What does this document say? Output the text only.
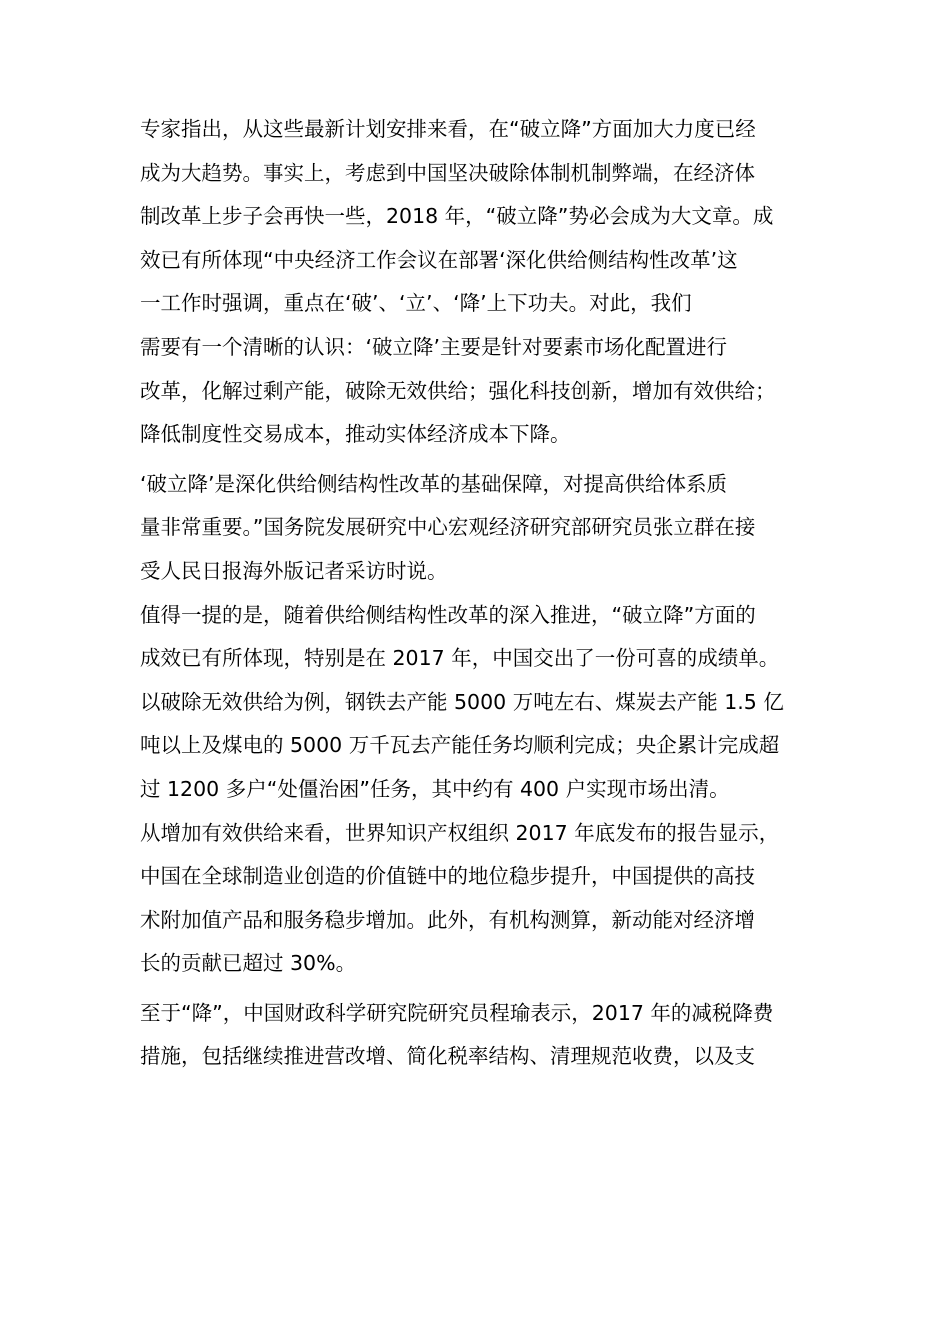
专家指出，从这些最新计划安排来看，在“破立降”方面加大力度已经
成为大趋势。事实上，考虑到中国坚决破除体制机制弊端，在经济体
制改革上步子会再快一些，2018 年，“破立降”势必会成为大文章。成
效已有所体现“中央经济工作会议在部署‘深化供给侧结构性改革’这
一工作时强调，重点在‘破’、‘立’、‘降’上下功夫。对此，我们
需要有一个清晰的认识：‘破立降’主要是针对要素市场化配置进行
改革，化解过剩产能，破除无效供给；强化科技创新，增加有效供给；
降低制度性交易成本，推动实体经济成本下降。
‘破立降’是深化供给侧结构性改革的基础保障，对提高供给体系质
量非常重要。”国务院发展研究中心宏观经济研究部研究员张立群在接
受人民日报海外版记者采访时说。
值得一提的是，随着供给侧结构性改革的深入推进，“破立降”方面的
成效已有所体现，特别是在 2017 年，中国交出了一份可喜的成绩单。
以破除无效供给为例，钢铁去产能 5000 万吨左右、煤炭去产能 1.5 亿
吨以上及煤电的 5000 万千瓦去产能任务均顺利完成；央企累计完成超
过 1200 多户“处僵治困”任务，其中约有 400 户实现市场出清。
从增加有效供给来看，世界知识产权组织 2017 年底发布的报告显示，
中国在全球制造业创造的价值链中的地位稳步提升，中国提供的高技
术附加值产品和服务稳步增加。此外，有机构测算，新动能对经济增
长的贡献已超过 30%。
至于“降”，中国财政科学研究院研究员程瑜表示，2017 年的减税降费
措施，包括继续推进营改增、简化税率结构、清理规范收费，以及支
